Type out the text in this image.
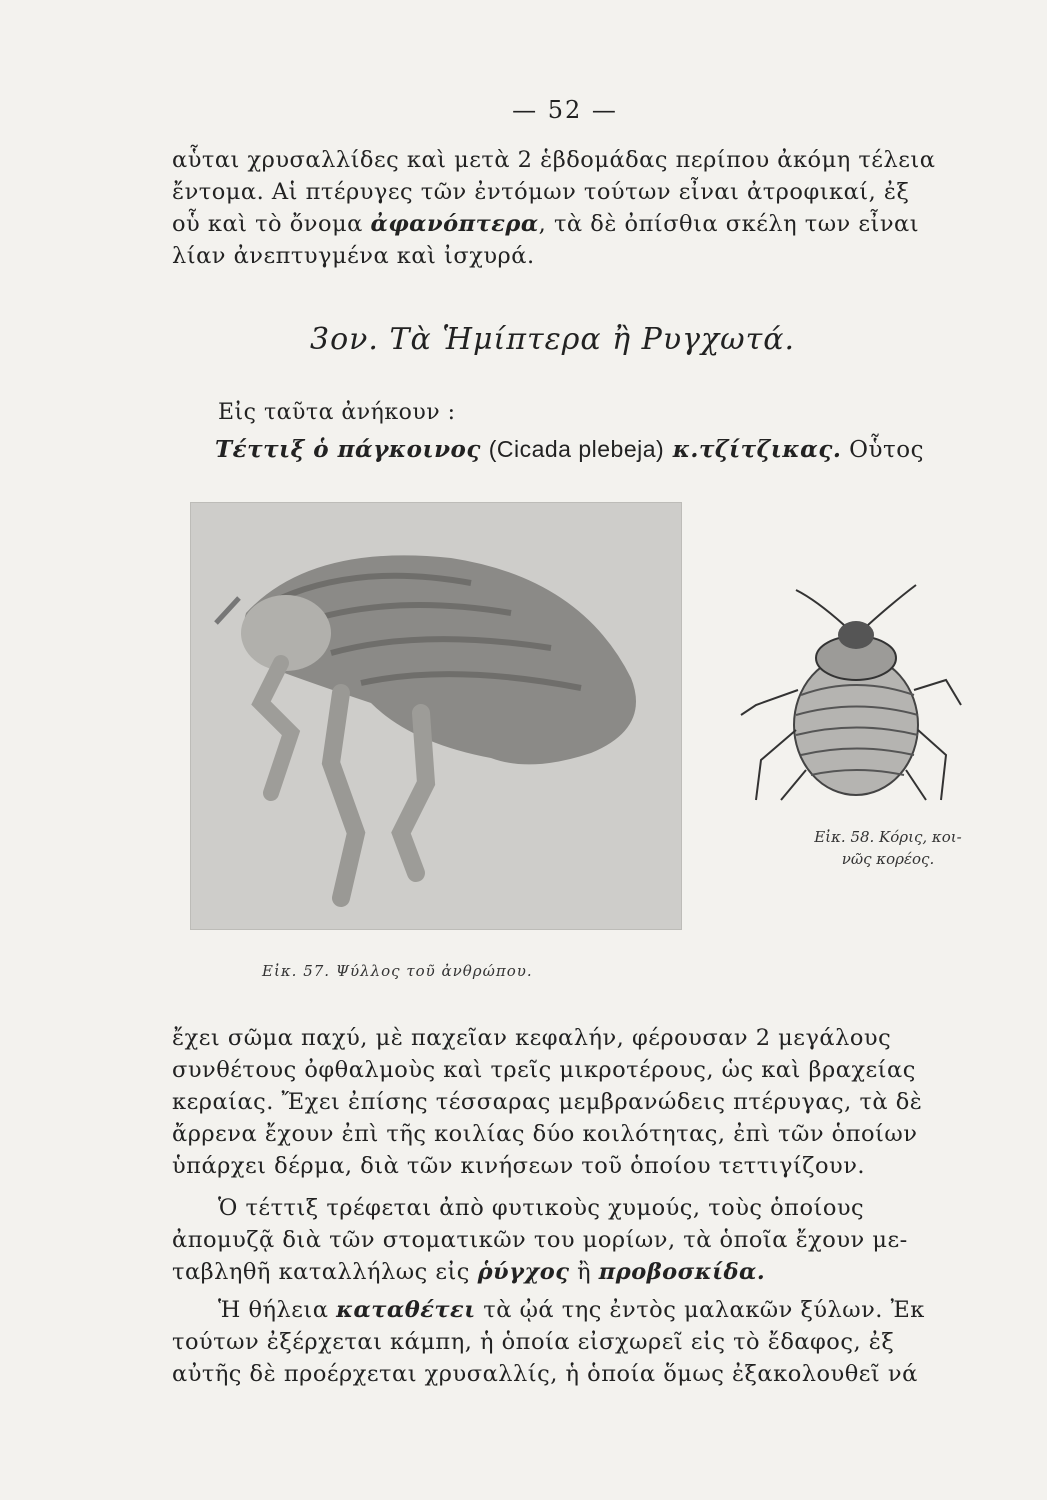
— 52 —

αὗται χρυσαλλίδες καὶ μετὰ 2 ἑβδομάδας περίπου ἀκόμη τέλεια

ἔντομα. Αἱ πτέρυγες τῶν ἐντόμων τούτων εἶναι ἀτροφικαί, ἐξ

οὗ καὶ τὸ ὄνομα ἀφανόπτερα, τὰ δὲ ὀπίσθια σκέλη των εἶναι

λίαν ἀνεπτυγμένα καὶ ἰσχυρά.

3ον. Τὰ Ἡμίπτερα ἢ Ρυγχωτά.
Εἰς ταῦτα ἀνήκουν :
Τέττιξ ὁ πάγκοινος (Cicada plebeja) κ.τζίτζικας. Οὗτος
Εἰκ. 58. Κόρις, κοι-
νῶς κορέος.
Εἰκ. 57. Ψύλλος τοῦ ἀνθρώπου.

ἔχει σῶμα παχύ, μὲ παχεῖαν κεφαλήν, φέρουσαν 2 μεγάλους

συνθέτους ὀφθαλμοὺς καὶ τρεῖς μικροτέρους, ὡς καὶ βραχείας

κεραίας. Ἔχει ἐπίσης τέσσαρας μεμβρανώδεις πτέρυγας, τὰ δὲ

ἄρρενα ἔχουν ἐπὶ τῆς κοιλίας δύο κοιλότητας, ἐπὶ τῶν ὁποίων

ὑπάρχει δέρμα, διὰ τῶν κινήσεων τοῦ ὁποίου τεττιγίζουν.

Ὁ τέττιξ τρέφεται ἀπὸ φυτικοὺς χυμούς, τοὺς ὁποίους

ἀπομυζᾷ διὰ τῶν στοματικῶν του μορίων, τὰ ὁποῖα ἔχουν με-

ταβληθῆ καταλλήλως εἰς ῥύγχος ἢ προβοσκίδα.

Ἡ θήλεια καταθέτει τὰ ᾠά της ἐντὸς μαλακῶν ξύλων. Ἐκ

τούτων ἐξέρχεται κάμπη, ἡ ὁποία εἰσχωρεῖ εἰς τὸ ἔδαφος, ἐξ

αὐτῆς δὲ προέρχεται χρυσαλλίς, ἡ ὁποία ὅμως ἐξακολουθεῖ νά
